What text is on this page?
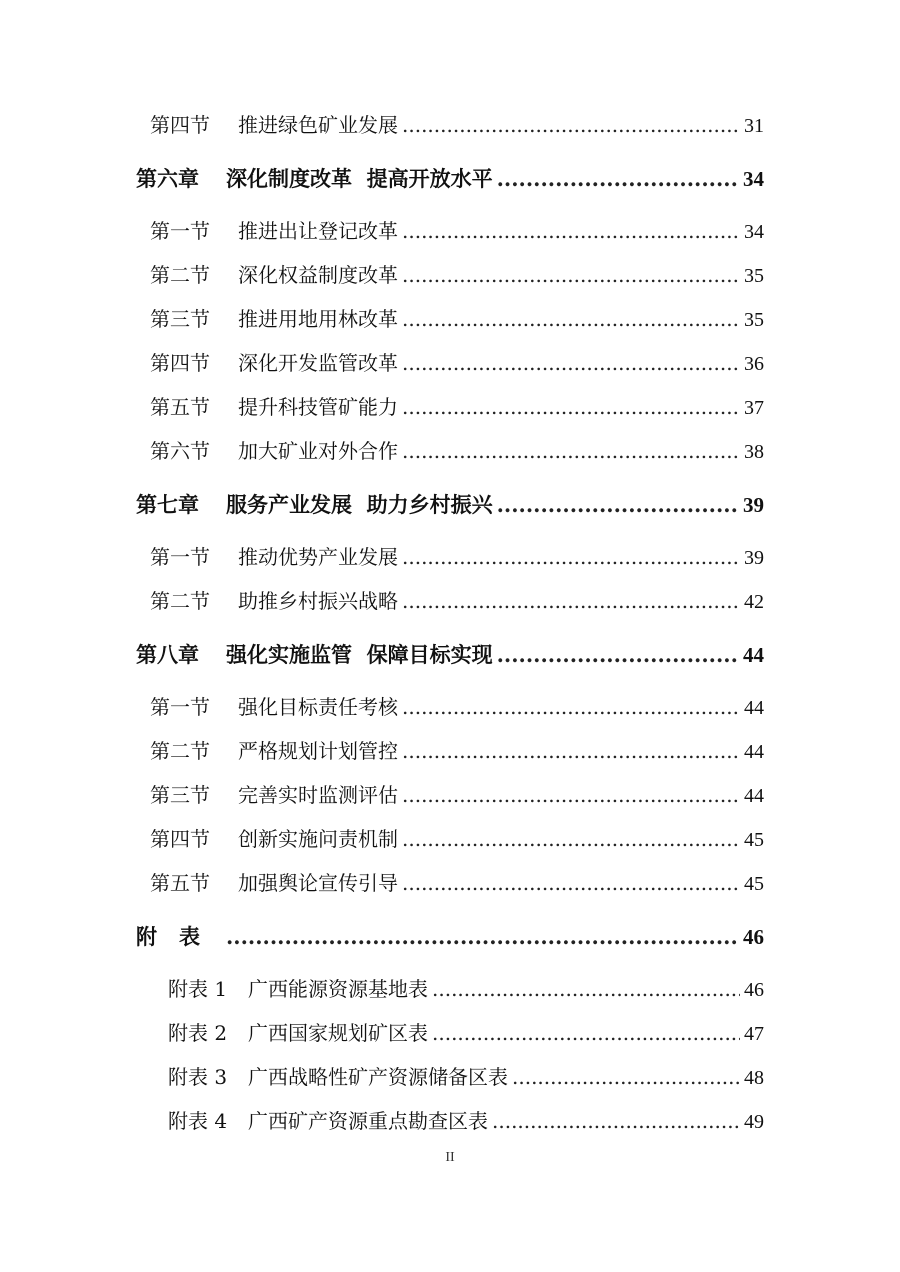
第四节	推进绿色矿业发展 .....	31
第六章	深化制度改革  提高开放水平 .....	34
第一节	推进出让登记改革 .....	34
第二节	深化权益制度改革 .....	35
第三节	推进用地用林改革 .....	35
第四节	深化开发监管改革 .....	36
第五节	提升科技管矿能力 .....	37
第六节	加大矿业对外合作 .....	38
第七章	服务产业发展  助力乡村振兴 .....	39
第一节	推动优势产业发展 .....	39
第二节	助推乡村振兴战略 .....	42
第八章	强化实施监管  保障目标实现 .....	44
第一节	强化目标责任考核 .....	44
第二节	严格规划计划管控 .....	44
第三节	完善实时监测评估 .....	44
第四节	创新实施问责机制 .....	45
第五节	加强舆论宣传引导 .....	45
附表 .....	46
附表 1	广西能源资源基地表 .....	46
附表 2	广西国家规划矿区表 .....	47
附表 3	广西战略性矿产资源储备区表 .....	48
附表 4	广西矿产资源重点勘查区表 .....	49
II
